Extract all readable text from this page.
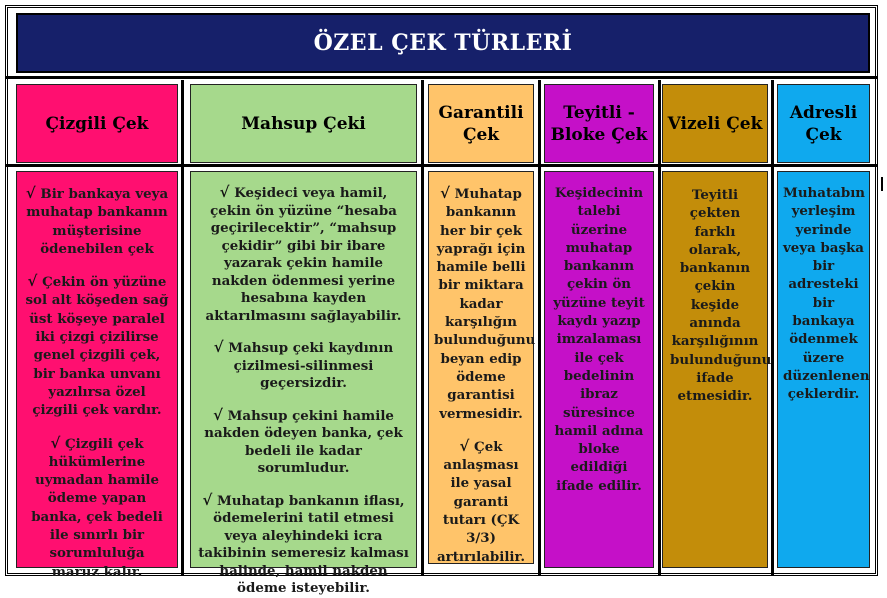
ÖZEL ÇEK TÜRLERİ
Çizgili Çek	Mahsup Çeki
Garantili Çek
Teyitli - Bloke Çek
Vizeli Çek
Adresli Çek

√ Bir bankaya veya muhatap bankanın müşterisine ödenebilen çek

√ Çekin ön yüzüne sol alt köşeden sağ üst köşeye paralel iki çizgi çizilirse genel çizgili çek, bir banka unvanı yazılırsa özel çizgili çek vardır.

√ Çizgili çek hükümlerine uymadan hamile ödeme yapan banka, çek bedeli ile sınırlı bir sorumluluğa maruz kalır.

√ Keşideci veya hamil, çekin ön yüzüne “hesaba geçirilecektir”, “mahsup çekidir” gibi bir ibare yazarak çekin hamile nakden ödenmesi yerine hesabına kayden aktarılmasını sağlayabilir.

√ Mahsup çeki kaydının çizilmesi-silinmesi geçersizdir.

√ Mahsup çekini hamile nakden ödeyen banka, çek bedeli ile kadar sorumludur.

√ Muhatap bankanın iflası, ödemelerini tatil etmesi veya aleyhindeki icra takibinin semeresiz kalması halinde, hamil nakden ödeme isteyebilir.

√ Muhatap bankanın her bir çek yaprağı için hamile belli bir miktara kadar karşılığın bulunduğunu beyan edip ödeme garantisi vermesidir.

√ Çek anlaşması ile yasal garanti tutarı (ÇK 3/3) artırılabilir.

Keşidecinin talebi üzerine muhatap bankanın çekin ön yüzüne teyit kaydı yazıp imzalaması ile çek bedelinin ibraz süresince hamil adına bloke edildiği ifade edilir.

Teyitli çekten farklı olarak, bankanın çekin keşide anında karşılığının bulunduğunu ifade etmesidir.

Muhatabın yerleşim yerinde veya başka bir adresteki bir bankaya ödenmek üzere düzenlenen çeklerdir.
